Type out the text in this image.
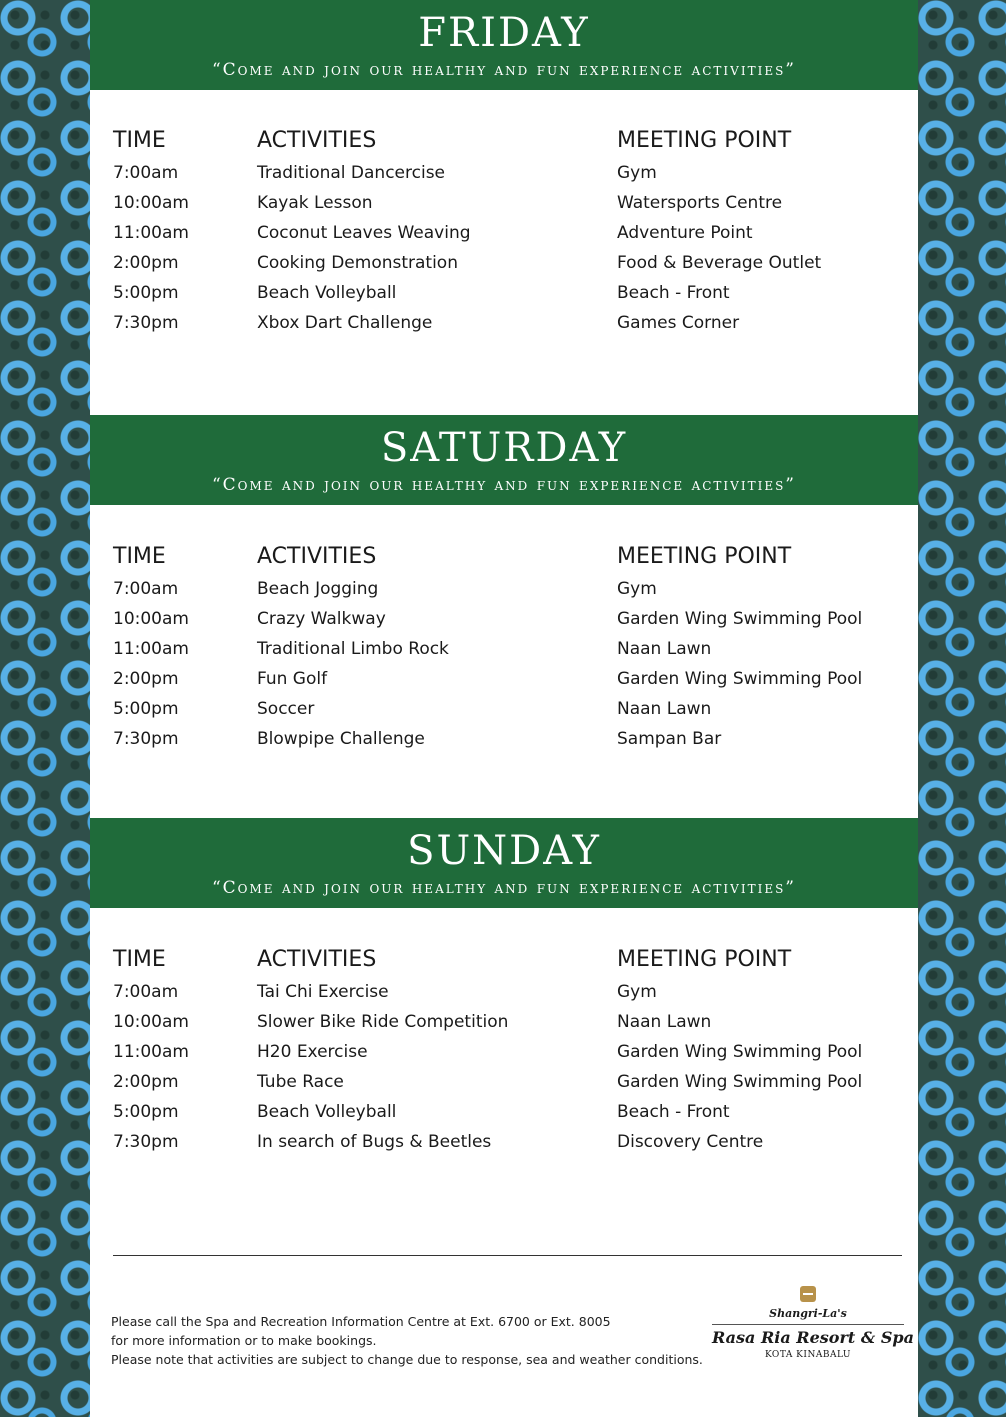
FRIDAY
“Come and join our healthy and fun experience activities”
TIME	ACTIVITIES	MEETING POINT
7:00am	Traditional Dancercise	Gym
10:00am	Kayak Lesson	Watersports Centre
11:00am	Coconut Leaves Weaving	Adventure Point
2:00pm	Cooking Demonstration	Food & Beverage Outlet
5:00pm	Beach Volleyball	Beach - Front
7:30pm	Xbox Dart Challenge	Games Corner
SATURDAY
“Come and join our healthy and fun experience activities”
TIME	ACTIVITIES	MEETING POINT
7:00am	Beach Jogging	Gym
10:00am	Crazy Walkway	Garden Wing Swimming Pool
11:00am	Traditional Limbo Rock	Naan Lawn
2:00pm	Fun Golf	Garden Wing Swimming Pool
5:00pm	Soccer	Naan Lawn
7:30pm	Blowpipe Challenge	Sampan Bar
SUNDAY
“Come and join our healthy and fun experience activities”
TIME	ACTIVITIES	MEETING POINT
7:00am	Tai Chi Exercise	Gym
10:00am	Slower Bike Ride Competition	Naan Lawn
11:00am	H20 Exercise	Garden Wing Swimming Pool
2:00pm	Tube Race	Garden Wing Swimming Pool
5:00pm	Beach Volleyball	Beach - Front
7:30pm	In search of Bugs & Beetles	Discovery Centre
Please call the Spa and Recreation Information Centre at Ext. 6700 or Ext. 8005
for more information or to make bookings.
Please note that activities are subject to change due to response, sea and weather conditions.
Shangri-La's
Rasa Ria Resort & Spa
KOTA KINABALU
